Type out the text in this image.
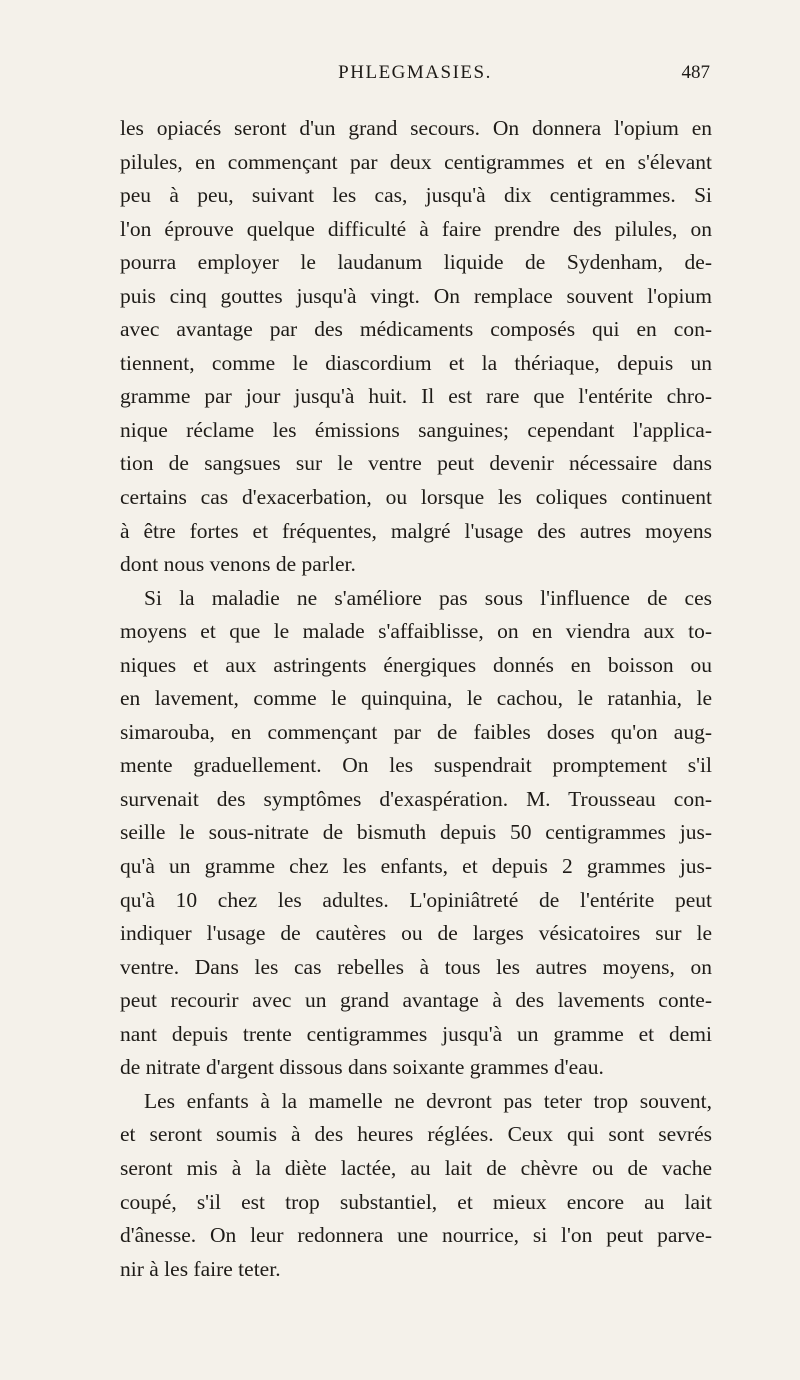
PHLEGMASIES.	487
les opiacés seront d'un grand secours. On donnera l'opium en
pilules, en commençant par deux centigrammes et en s'élevant
peu à peu, suivant les cas, jusqu'à dix centigrammes. Si
l'on éprouve quelque difficulté à faire prendre des pilules, on
pourra employer le laudanum liquide de Sydenham, de-
puis cinq gouttes jusqu'à vingt. On remplace souvent l'opium
avec avantage par des médicaments composés qui en con-
tiennent, comme le diascordium et la thériaque, depuis un
gramme par jour jusqu'à huit. Il est rare que l'entérite chro-
nique réclame les émissions sanguines; cependant l'applica-
tion de sangsues sur le ventre peut devenir nécessaire dans
certains cas d'exacerbation, ou lorsque les coliques continuent
à être fortes et fréquentes, malgré l'usage des autres moyens
dont nous venons de parler.
Si la maladie ne s'améliore pas sous l'influence de ces
moyens et que le malade s'affaiblisse, on en viendra aux to-
niques et aux astringents énergiques donnés en boisson ou
en lavement, comme le quinquina, le cachou, le ratanhia, le
simarouba, en commençant par de faibles doses qu'on aug-
mente graduellement. On les suspendrait promptement s'il
survenait des symptômes d'exaspération. M. Trousseau con-
seille le sous-nitrate de bismuth depuis 50 centigrammes jus-
qu'à un gramme chez les enfants, et depuis 2 grammes jus-
qu'à 10 chez les adultes. L'opiniâtreté de l'entérite peut
indiquer l'usage de cautères ou de larges vésicatoires sur le
ventre. Dans les cas rebelles à tous les autres moyens, on
peut recourir avec un grand avantage à des lavements conte-
nant depuis trente centigrammes jusqu'à un gramme et demi
de nitrate d'argent dissous dans soixante grammes d'eau.
Les enfants à la mamelle ne devront pas teter trop souvent,
et seront soumis à des heures réglées. Ceux qui sont sevrés
seront mis à la diète lactée, au lait de chèvre ou de vache
coupé, s'il est trop substantiel, et mieux encore au lait
d'ânesse. On leur redonnera une nourrice, si l'on peut parve-
nir à les faire teter.
